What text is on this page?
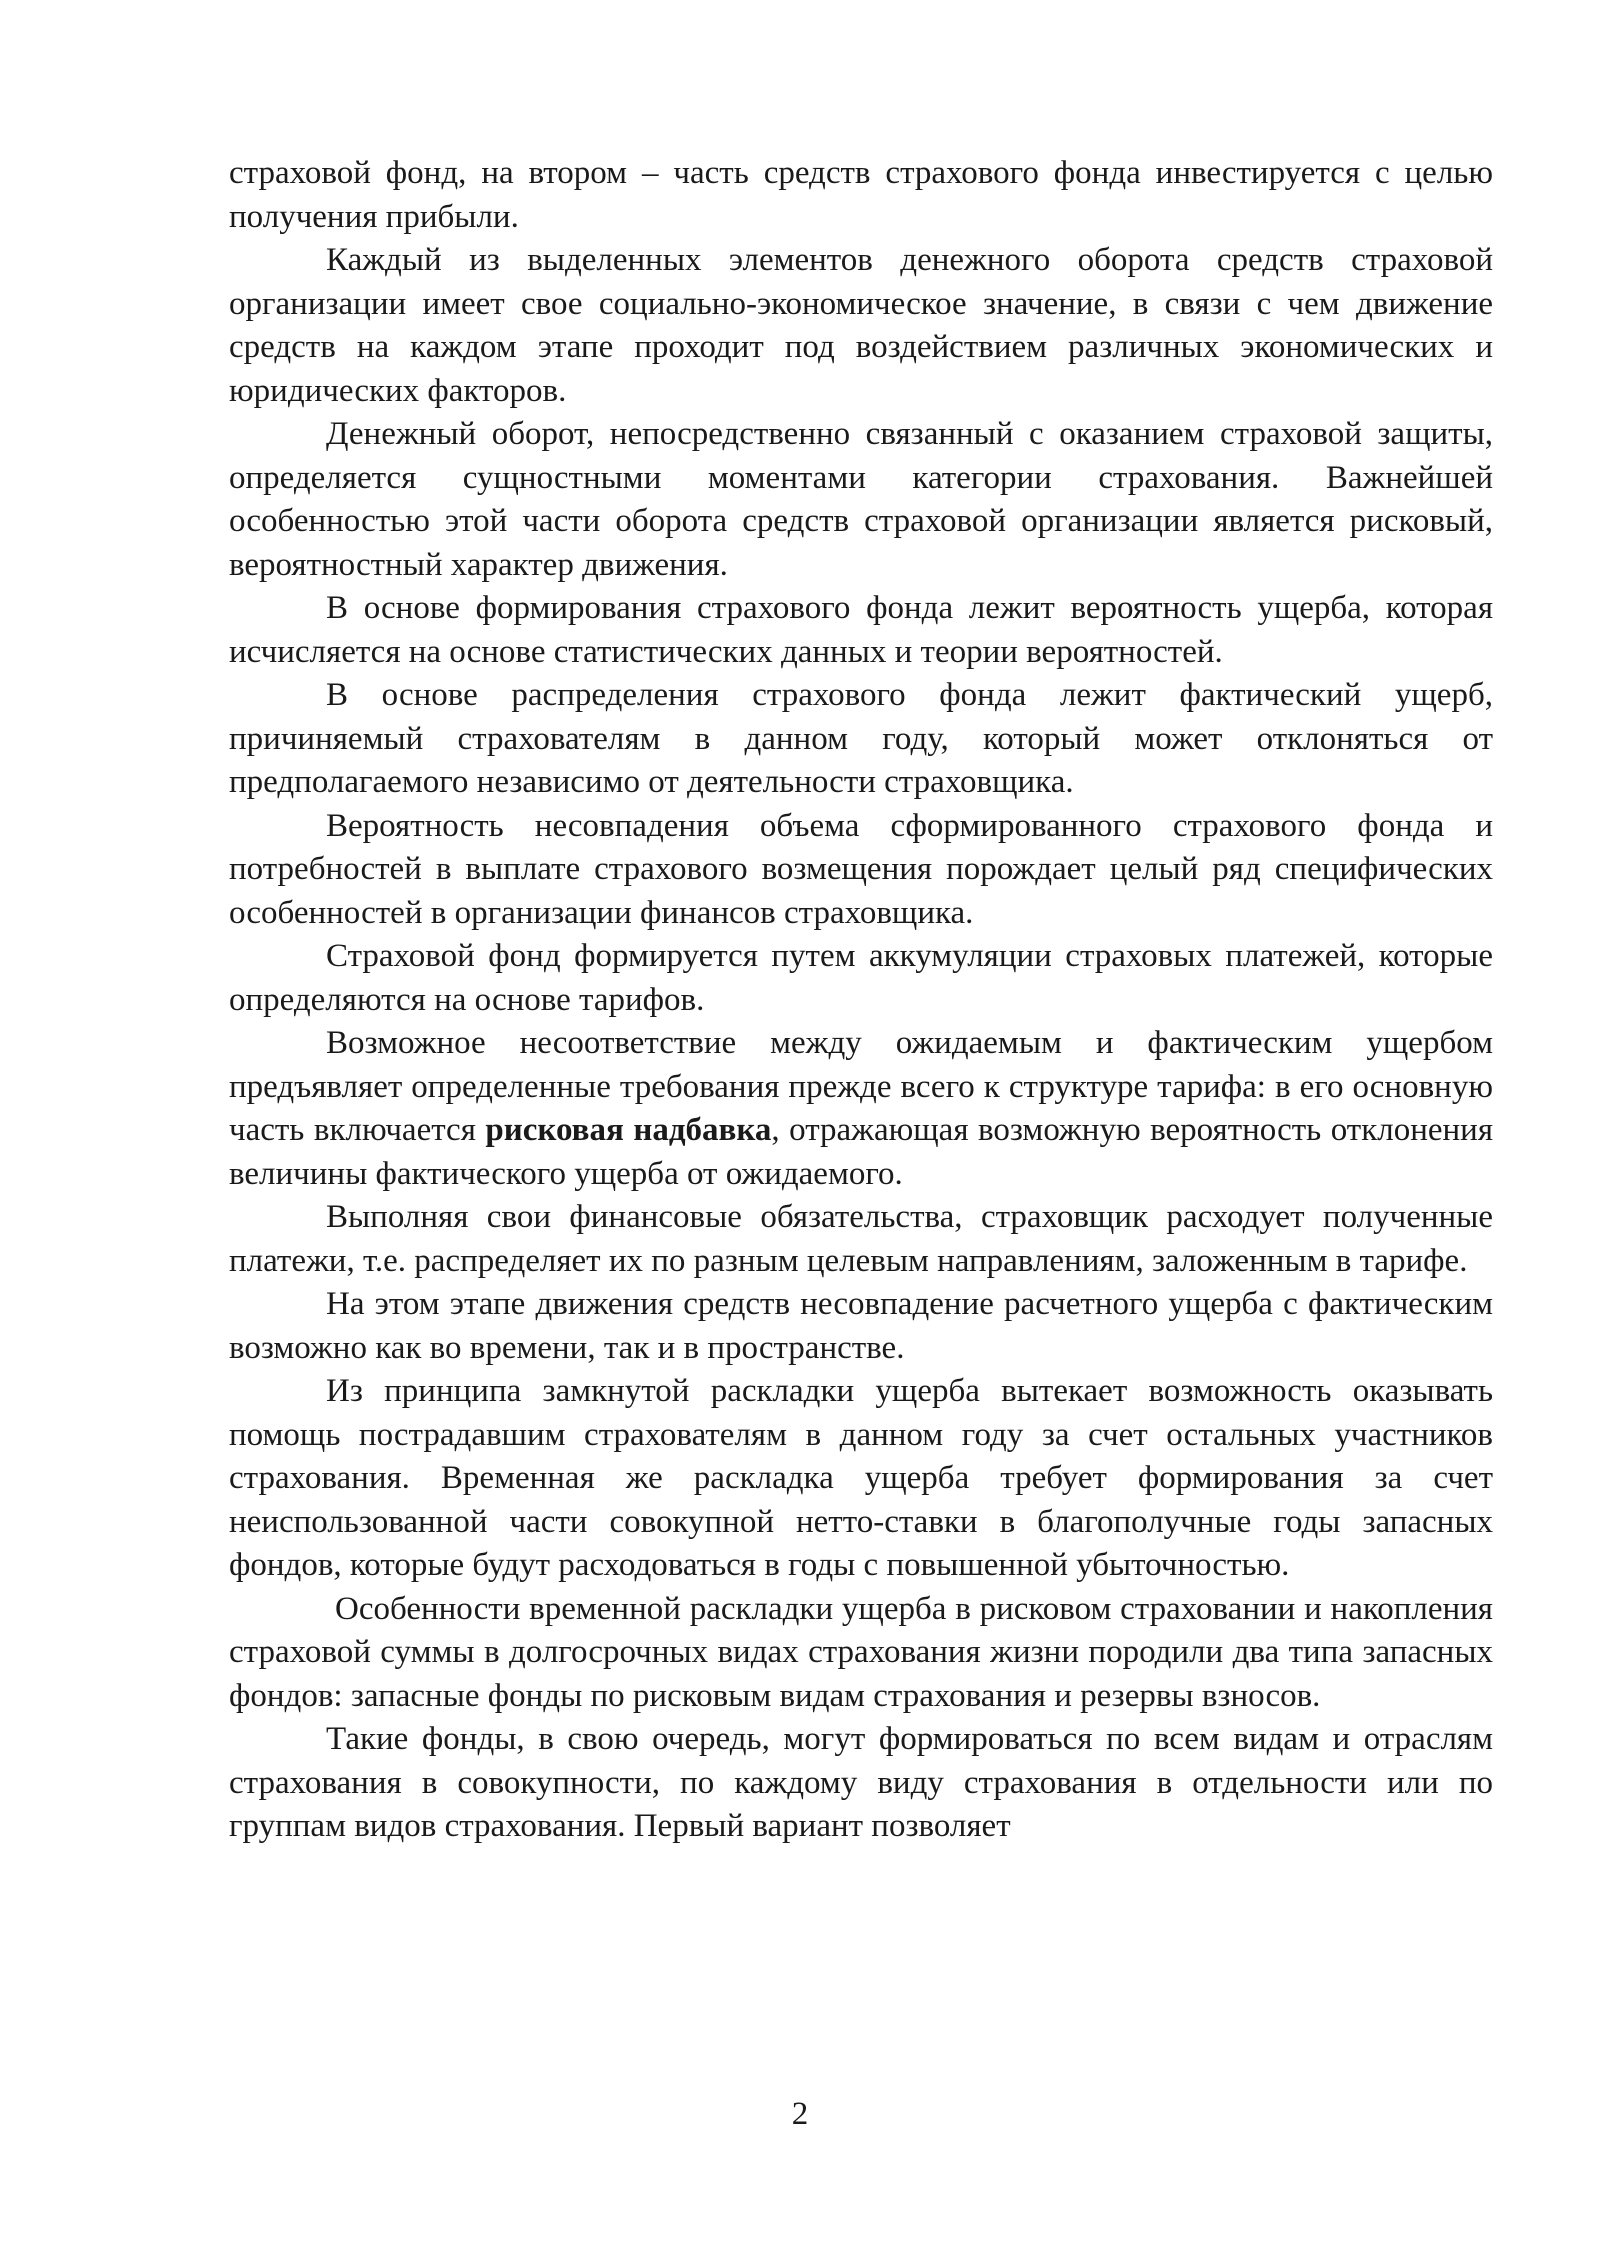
страховой фонд, на втором – часть средств страхового фонда инвестируется с целью получения прибыли.

Каждый из выделенных элементов денежного оборота средств страховой организации имеет свое социально-экономическое значение, в связи с чем движение средств на каждом этапе проходит под воздействием различных экономических и юридических факторов.

Денежный оборот, непосредственно связанный с оказанием страховой защиты, определяется сущностными моментами категории страхования. Важнейшей особенностью этой части оборота средств страховой организации является рисковый, вероятностный характер движения.

В основе формирования страхового фонда лежит вероятность ущерба, которая исчисляется на основе статистических данных и теории вероятностей.

В основе распределения страхового фонда лежит фактический ущерб, причиняемый страхователям в данном году, который может отклоняться от предполагаемого независимо от деятельности страховщика.

Вероятность несовпадения объема сформированного страхового фонда и потребностей в выплате страхового возмещения порождает целый ряд специфических особенностей в организации финансов страховщика.

Страховой фонд формируется путем аккумуляции страховых платежей, которые определяются на основе тарифов.

Возможное несоответствие между ожидаемым и фактическим ущербом предъявляет определенные требования прежде всего к структуре тарифа: в его основную часть включается рисковая надбавка, отражающая возможную вероятность отклонения величины фактического ущерба от ожидаемого.

Выполняя свои финансовые обязательства, страховщик расходует полученные платежи, т.е. распределяет их по разным целевым направлениям, заложенным в тарифе.

На этом этапе движения средств несовпадение расчетного ущерба с фактическим возможно как во времени, так и в пространстве.

Из принципа замкнутой раскладки ущерба вытекает возможность оказывать помощь пострадавшим страхователям в данном году за счет остальных участников страхования. Временная же раскладка ущерба требует формирования за счет неиспользованной части совокупной нетто-ставки в благополучные годы запасных фондов, которые будут расходоваться в годы с повышенной убыточностью.

Особенности временной раскладки ущерба в рисковом страховании и накопления страховой суммы в долгосрочных видах страхования жизни породили два типа запасных фондов: запасные фонды по рисковым видам страхования и резервы взносов.

Такие фонды, в свою очередь, могут формироваться по всем видам и отраслям страхования в совокупности, по каждому виду страхования в отдельности или по группам видов страхования. Первый вариант позволяет

2
